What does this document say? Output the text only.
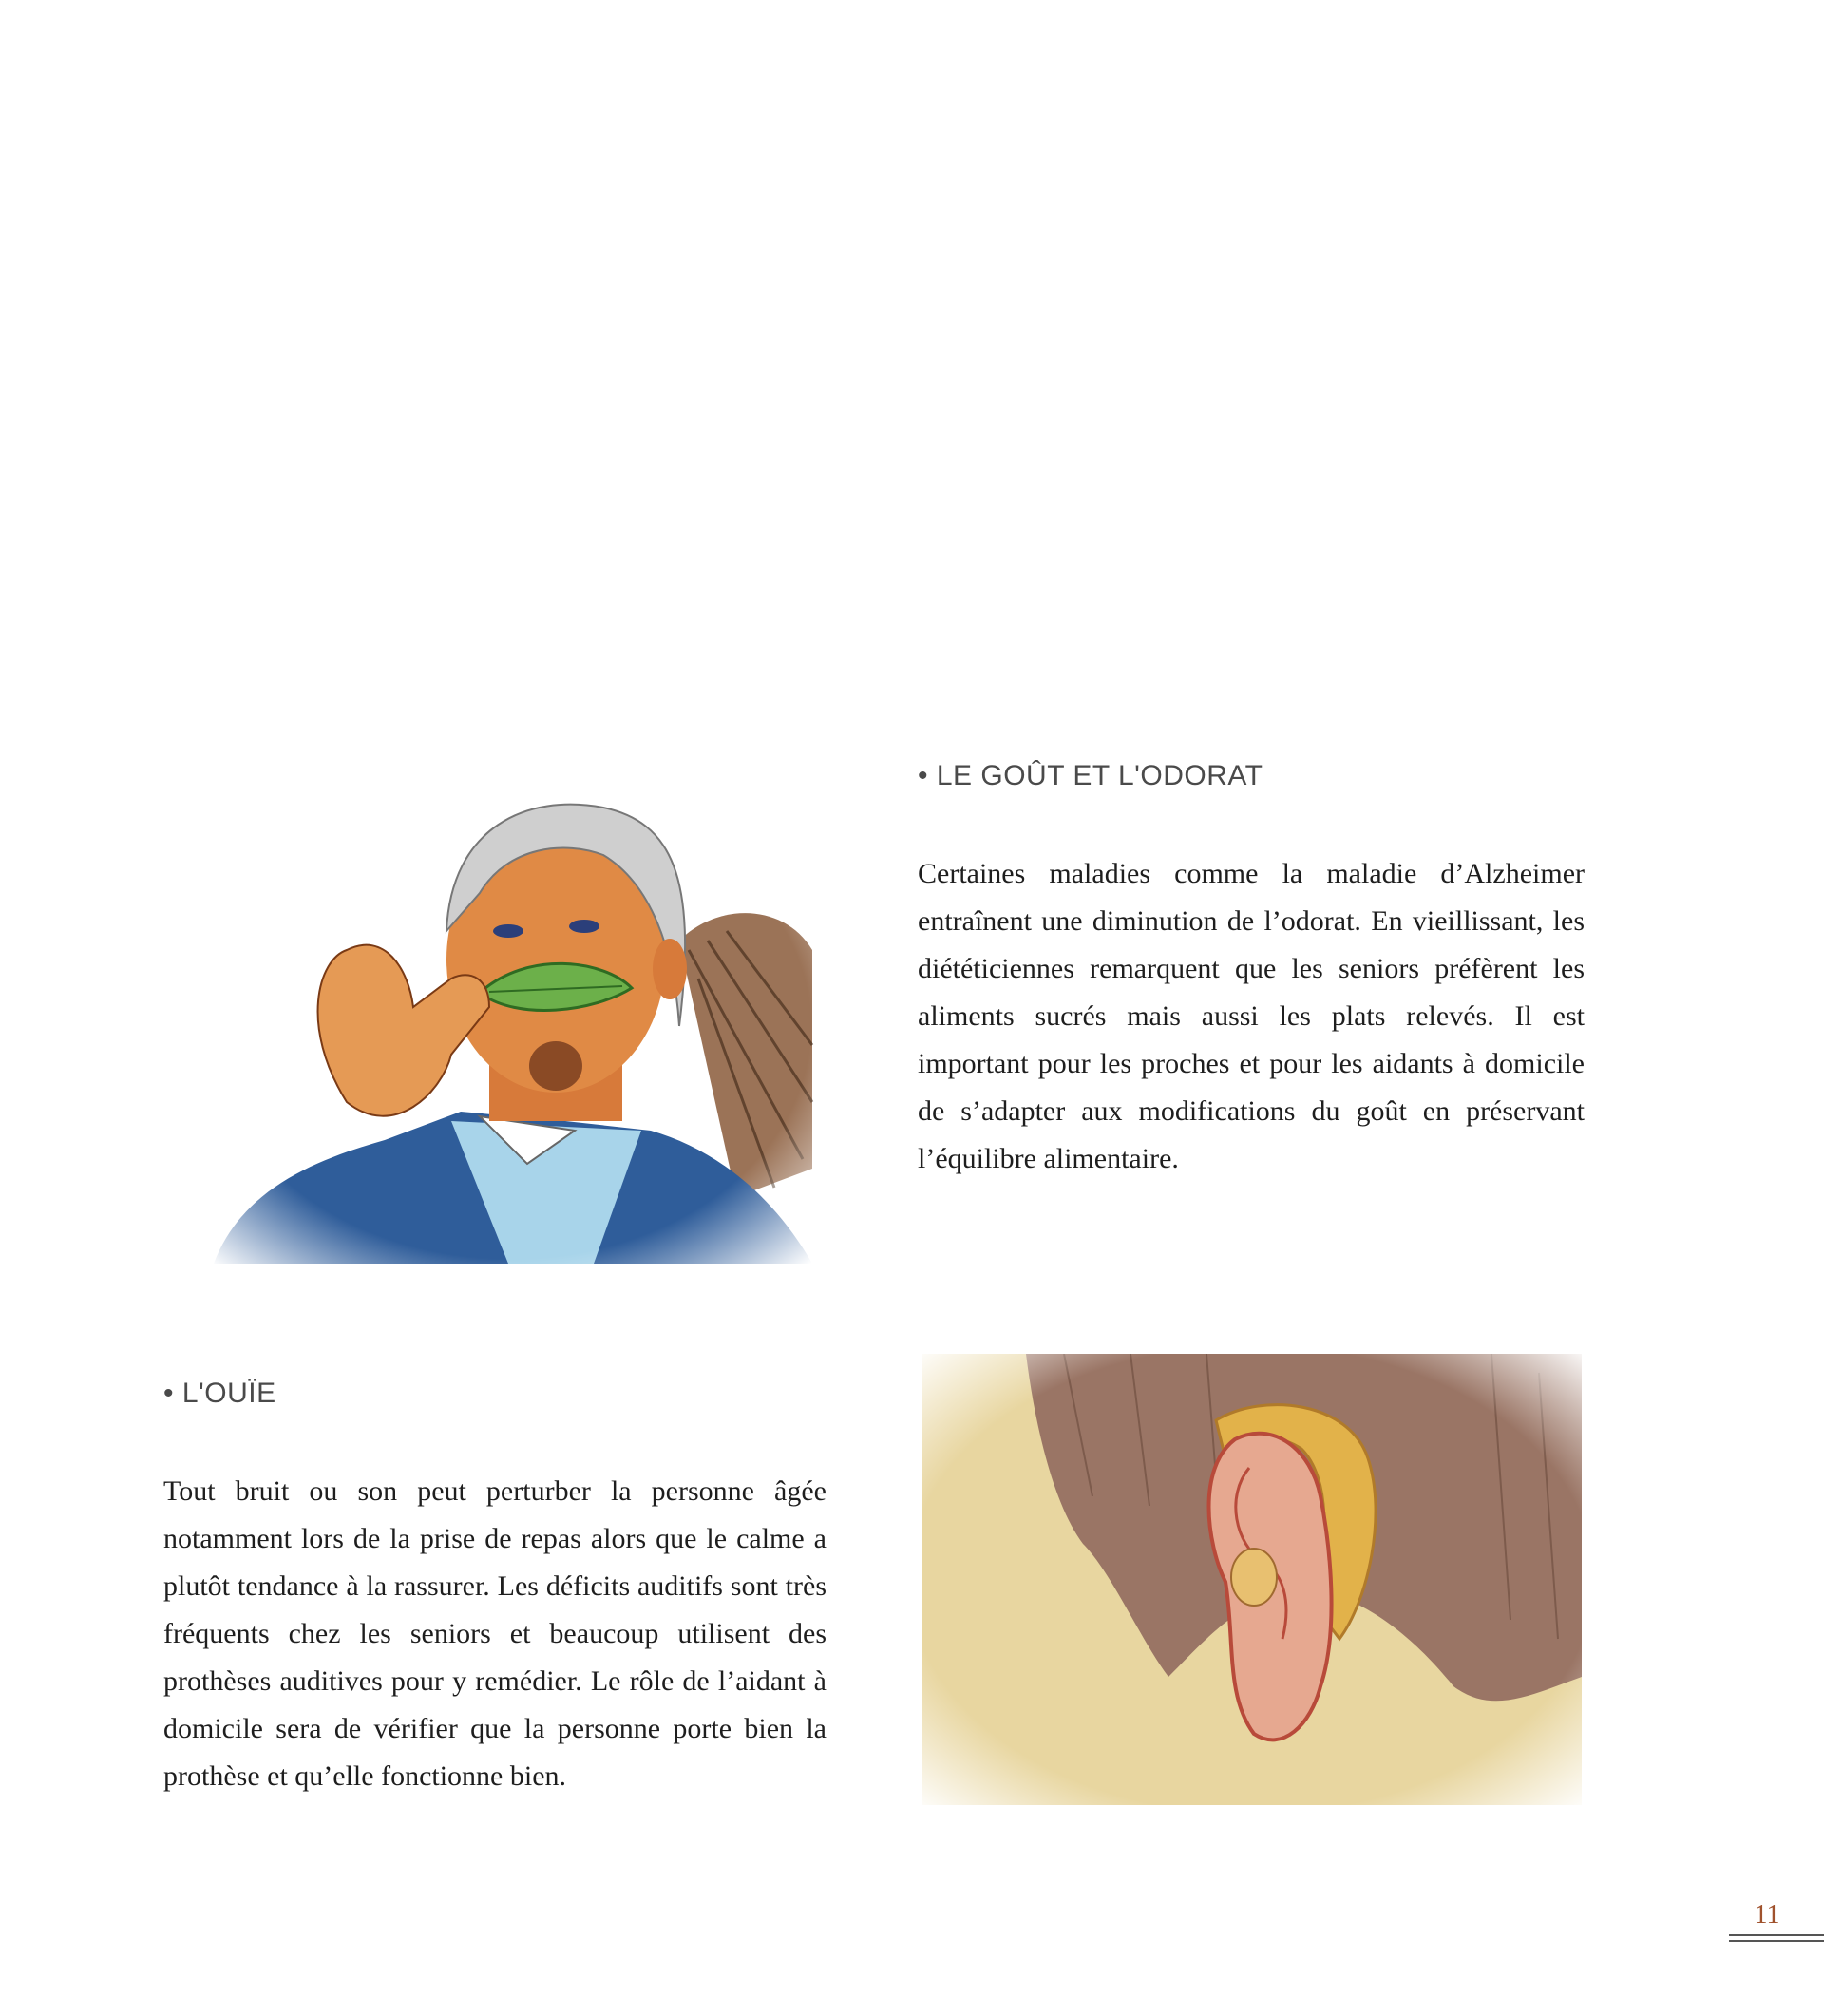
• LE GOÛT ET L'ODORAT

Certaines maladies comme la maladie d’Alzheimer entraînent une diminution de l’odorat. En vieillissant, les diététiciennes remarquent que les seniors préfèrent les aliments sucrés mais aussi les plats relevés. Il est important pour les proches et pour les aidants à domicile de s’adapter aux modifications du goût en préservant l’équilibre alimentaire.

• L'OUÏE

Tout bruit ou son peut perturber la personne âgée notamment lors de la prise de repas alors que le calme a plutôt tendance à la rassurer. Les déficits auditifs sont très fréquents chez les seniors et beaucoup utilisent des prothèses auditives pour y remédier. Le rôle de l’aidant à domicile sera de vérifier que la personne porte bien la prothèse et qu’elle fonctionne bien.

11
